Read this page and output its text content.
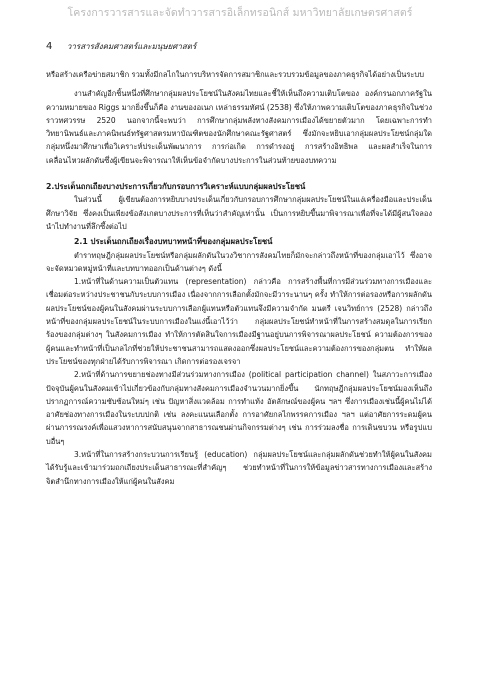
โครงการวารสารและจัดทำวารสารอิเล็กทรอนิกส์ มหาวิทยาลัยเกษตรศาสตร์
4 วารสารสังคมศาสตร์และมนุษยศาสตร์

หรือสร้างเครือข่ายสมาชิก รวมทั้งมีกลไกในการบริหารจัดการสมาชิกและรวบรวมข้อมูลของภาคธุรกิจได้อย่างเป็นระบบ

งานสำคัญอีกชิ้นหนึ่งที่ศึกษากลุ่มผลประโยชน์ในสังคมไทยและชี้ให้เห็นถึงความเติบโตของ องค์กรนอกภาครัฐในความหมายของ Riggs มากยิ่งขึ้นก็คือ งานของอเนก เหล่าธรรมทัศน์ (2538) ซึ่งให้ภาพความเติบโตของภาคธุรกิจในช่วงราวทศวรรษ 2520 นอกจากนี้จะพบว่า การศึกษากลุ่มพลังทางสังคมการเมืองได้ขยายตัวมาก โดยเฉพาะการทำวิทยานิพนธ์และภาคนิพนธ์ทรัฐศาสตรมหาบัณฑิตของนักศึกษาคณะรัฐศาสตร์ ซึ่งมักจะหยิบเอากลุ่มผลประโยชน์กลุ่มใดกลุ่มหนึ่งมาศึกษาเพื่อวิเคราะห์ประเด็นพัฒนาการ การก่อเกิด การดำรงอยู่ การสร้างอิทธิพล และผลสำเร็จในการเคลื่อนไหวผลักดันซึ่งผู้เขียนจะพิจารณาให้เห็นข้อจำกัดบางประการในส่วนท้ายของบทความ

2.ประเด็นถกเถียงบางประการเกี่ยวกับกรอบการวิเคราะห์แบบกลุ่มผลประโยชน์

ในส่วนนี้ ผู้เขียนต้องการหยิบบางประเด็นเกี่ยวกับกรอบการศึกษากลุ่มผลประโยชน์ในแง่เครื่องมือและประเด็นศึกษาวิจัย ซึ่งคงเป็นเพียงข้อสังเกตบางประการที่เห็นว่าสำคัญเท่านั้น เป็นการหยิบขึ้นมาพิจารณาเพื่อที่จะได้มีผู้สนใจลองนำไปทำงานที่ลึกซึ้งต่อไป

2.1 ประเด็นถกเถียงเรื่องบทบาทหน้าที่ของกลุ่มผลประโยชน์

ตำราทฤษฎีกลุ่มผลประโยชน์หรือกลุ่มผลักดันในวงวิชาการสังคมไทยก็มักจะกล่าวถึงหน้าที่ของกลุ่มเอาไว้ ซึ่งอาจจะจัดหมวดหมู่หน้าที่และบทบาทออกเป็นด้านต่างๆ ดังนี้

1.หน้าที่ในด้านความเป็นตัวแทน (representation) กล่าวคือ การสร้างพื้นที่การมีส่วนร่วมทางการเมืองและเชื่อมต่อระหว่างประชาชนกับระบบการเมือง เนื่องจากการเลือกตั้งมักจะมีวาระนานๆ ครั้ง ทำให้การต่อรองหรือการผลักดันผลประโยชน์ของผู้คนในสังคมผ่านระบบการเลือกผู้แทนหรือตัวแทนจึงมีความจำกัด มนตรี เจนวิทย์การ (2528) กล่าวถึงหน้าที่ของกลุ่มผลประโยชน์ในระบบการเมืองในแง่นี้เอาไว้ว่า กลุ่มผลประโยชน์ทำหน้าที่ในการสร้างสมดุลในการเรียกร้องของกลุ่มต่างๆ ในสังคมการเมือง ทำให้การตัดสินใจการเมืองมีฐานอยู่บนการพิจารณาผลประโยชน์ ความต้องการของผู้คนและทำหน้าที่เป็นกลไกที่ช่วยให้ประชาชนสามารถแสดงออกซึ่งผลประโยชน์และความต้องการของกลุ่มตน ทำให้ผลประโยชน์ของทุกฝ่ายได้รับการพิจารณา เกิดการต่อรองเจรจา

2.หน้าที่ด้านการขยายช่องทางมีส่วนร่วมทางการเมือง (political participation channel) ในสภาวะการเมืองปัจจุบันผู้คนในสังคมเข้าไปเกี่ยวข้องกับกลุ่มทางสังคมการเมืองจำนวนมากยิ่งขึ้น นักทฤษฎีกลุ่มผลประโยชน์มองเห็นถึงปรากฏการณ์ความซับซ้อนใหม่ๆ เช่น ปัญหาสิ่งแวดล้อม การทำแท้ง อัตลักษณ์ของผู้คน ฯลฯ ซึ่งการเมืองเช่นนี้ผู้คนไม่ได้อาศัยช่องทางการเมืองในระบบปกติ เช่น ลงคะแนนเลือกตั้ง การอาศัยกลไกพรรคการเมือง ฯลฯ แต่อาศัยการระดมผู้คนผ่านการรณรงค์เพื่อแสวงหาการสนับสนุนจากสาธารณชนผ่านกิจกรรมต่างๆ เช่น การร่วมลงชื่อ การเดินขบวน หรือรูปแบบอื่นๆ

3.หน้าที่ในการสร้างกระบวนการเรียนรู้ (education) กลุ่มผลประโยชน์และกลุ่มผลักดันช่วยทำให้ผู้คนในสังคมได้รับรู้และเข้ามาร่วมถกเถียงประเด็นสาธารณะที่สำคัญๆ ช่วยทำหน้าที่ในการให้ข้อมูลข่าวสารทางการเมืองและสร้างจิตสำนึกทางการเมืองให้แก่ผู้คนในสังคม
